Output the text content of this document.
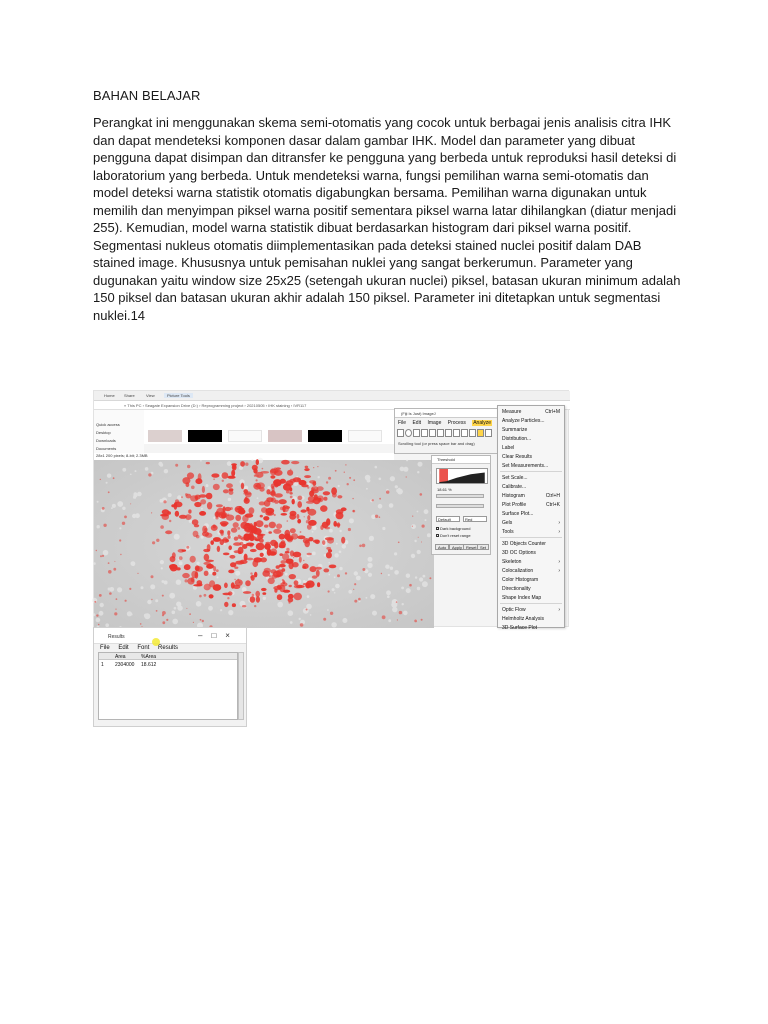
BAHAN BELAJAR
Perangkat ini menggunakan skema semi-otomatis yang cocok untuk berbagai jenis analisis citra IHK dan dapat mendeteksi komponen dasar dalam gambar IHK. Model dan parameter yang dibuat pengguna dapat disimpan dan ditransfer ke pengguna yang berbeda untuk reproduksi hasil deteksi di laboratorium yang berbeda. Untuk mendeteksi warna, fungsi pemilihan warna semi-otomatis dan model deteksi warna statistik otomatis digabungkan bersama. Pemilihan warna digunakan untuk memilih dan menyimpan piksel warna positif sementara piksel warna latar dihilangkan (diatur menjadi 255). Kemudian, model warna statistik dibuat berdasarkan histogram dari piksel warna positif. Segmentasi nukleus otomatis diimplementasikan pada deteksi stained nuclei positif dalam DAB stained image. Khususnya untuk pemisahan nuklei yang sangat berkerumun. Parameter yang dugunakan yaitu window size 25x25 (setengah ukuran nuclei) piksel, batasan ukuran minimum adalah 150 piksel dan batasan ukuran akhir adalah 150 piksel. Parameter ini ditetapkan untuk segmentasi nuklei.14
Home Share	View	Picture Tools
« This PC › Seagate Expansion Drive (D:) › Reprogramming project › 20210505 › IHK staining › IVR117
Quick access
Desktop
Downloads
Documents
28x1 200 pixels; 8-bit; 2.3MB
(Fiji Is Just) ImageJ
File Edit Image Process Analyze
Scrolling tool (or press space bar and drag)
Threshold
18.61 %
Default	Red
Dark background
Don't reset range
Auto	Apply Reset Set
Measure	Ctrl+M
Analyze Particles...
Summarize
Distribution...
Label
Clear Results
Set Measurements...
Set Scale...
Calibrate...
Histogram	Ctrl+H
Plot Profile	Ctrl+K
Surface Plot...
Gels	›
Tools	›
3D Objects Counter
3D OC Options
Skeleton	›
Colocalization	›
Color Histogram
Directionality
Shape Index Map
Optic Flow	›
Helmholtz Analysis
3D Surface Plot
Results	–□×
File Edit Font Results
Area	%Area
1 2304000 18.612
